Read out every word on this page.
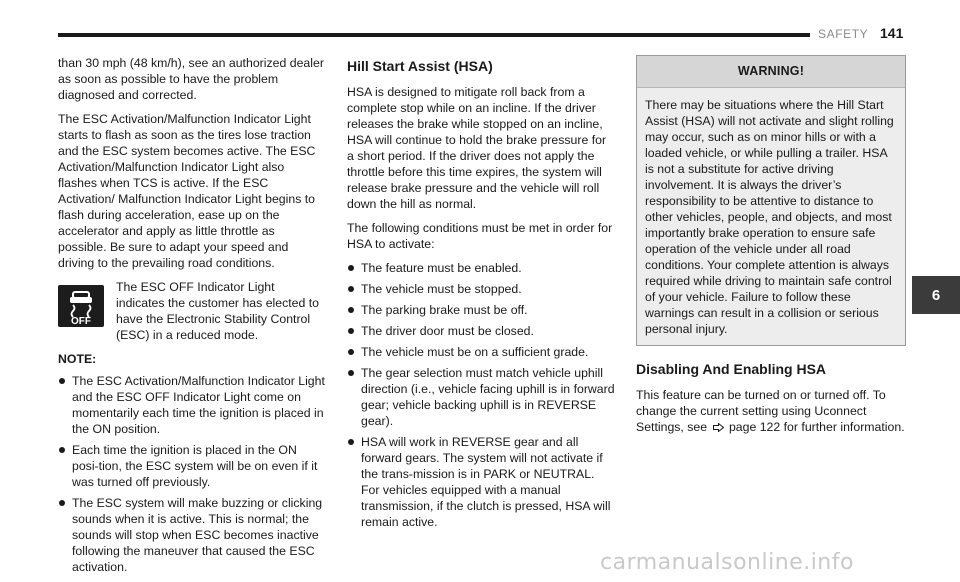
SAFETY 141

than 30 mph (48 km/h), see an authorized dealer as soon as possible to have the problem diagnosed and corrected.

The ESC Activation/Malfunction Indicator Light starts to flash as soon as the tires lose traction and the ESC system becomes active. The ESC Activation/Malfunction Indicator Light also flashes when TCS is active. If the ESC Activation/ Malfunction Indicator Light begins to flash during acceleration, ease up on the accelerator and apply as little throttle as possible. Be sure to adapt your speed and driving to the prevailing road conditions.

OFF
The ESC OFF Indicator Light indicates the customer has elected to have the Electronic Stability Control (ESC) in a reduced mode.
NOTE:
The ESC Activation/Malfunction Indicator Light and the ESC OFF Indicator Light come on momentarily each time the ignition is placed in the ON position.
Each time the ignition is placed in the ON posi-tion, the ESC system will be on even if it was turned off previously.
The ESC system will make buzzing or clicking sounds when it is active. This is normal; the sounds will stop when ESC becomes inactive following the maneuver that caused the ESC activation.
Hill Start Assist (HSA)

HSA is designed to mitigate roll back from a complete stop while on an incline. If the driver releases the brake while stopped on an incline, HSA will continue to hold the brake pressure for a short period. If the driver does not apply the throttle before this time expires, the system will release brake pressure and the vehicle will roll down the hill as normal.

The following conditions must be met in order for HSA to activate:

The feature must be enabled.
The vehicle must be stopped.
The parking brake must be off.
The driver door must be closed.
The vehicle must be on a sufficient grade.
The gear selection must match vehicle uphill direction (i.e., vehicle facing uphill is in forward gear; vehicle backing uphill is in REVERSE gear).
HSA will work in REVERSE gear and all forward gears. The system will not activate if the trans-mission is in PARK or NEUTRAL. For vehicles equipped with a manual transmission, if the clutch is pressed, HSA will remain active.
WARNING!
There may be situations where the Hill Start Assist (HSA) will not activate and slight rolling may occur, such as on minor hills or with a loaded vehicle, or while pulling a trailer. HSA is not a substitute for active driving involvement. It is always the driver’s responsibility to be attentive to distance to other vehicles, people, and objects, and most importantly brake operation to ensure safe operation of the vehicle under all road conditions. Your complete attention is always required while driving to maintain safe control of your vehicle. Failure to follow these warnings can result in a collision or serious personal injury.
Disabling And Enabling HSA

This feature can be turned on or turned off. To change the current setting using Uconnect Settings, see page 122 for further information.

6
carmanualsonline.info
